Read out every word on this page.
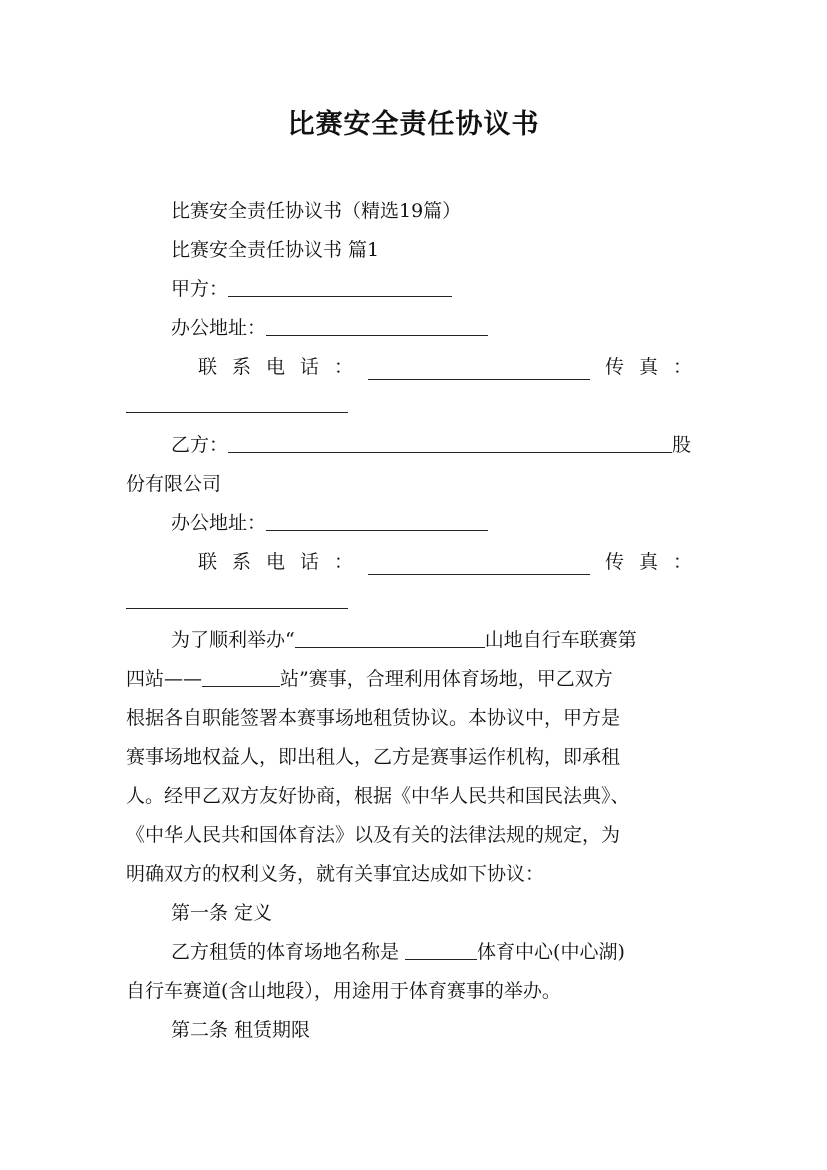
比赛安全责任协议书
比赛安全责任协议书（精选19篇）
比赛安全责任协议书 篇1
甲方：
办公地址：
联 系 电 话 ：	传 真 ：
乙方：	股
份有限公司
办公地址：
联 系 电 话 ：	传 真 ：
为了顺利举办“	山地自行车联赛第
四站——	站”赛事，合理利用体育场地，甲乙双方
根据各自职能签署本赛事场地租赁协议。本协议中，甲方是
赛事场地权益人，即出租人，乙方是赛事运作机构，即承租
人。经甲乙双方友好协商，根据《中华人民共和国民法典》、
《中华人民共和国体育法》以及有关的法律法规的规定，为
明确双方的权利义务，就有关事宜达成如下协议：
第一条 定义
乙方租赁的体育场地名称是	体育中心(中心湖)
自行车赛道(含山地段），用途用于体育赛事的举办。
第二条 租赁期限
